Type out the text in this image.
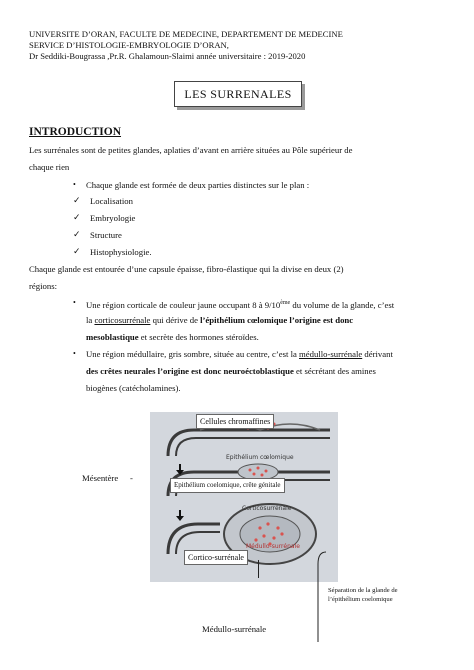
UNIVERSITE D’ORAN, FACULTE DE MEDECINE, DEPARTEMENT DE MEDECINE
SERVICE D’HISTOLOGIE-EMBRYOLOGIE D’ORAN,
Dr Seddiki-Bougrassa ,Pr.R. Ghalamoun-Slaimi année universitaire : 2019-2020
LES SURRENALES
INTRODUCTION
Les surrénales sont de petites glandes, aplaties d’avant en arrière situées au Pôle supérieur de
chaque rien
• Chaque glande est formée de deux parties distinctes sur le plan :
✓ Localisation
✓ Embryologie
✓ Structure
✓ Histophysiologie.
Chaque glande est entourée d’une capsule épaisse, fibro-élastique qui la divise en deux (2)
régions:
• Une région corticale de couleur jaune occupant 8 à 9/10ème du volume de la glande, c’est
la corticosurrénale qui dérive de l’épithélium cœlomique l’origine est donc
mesoblastique et secrète des hormones stéroïdes.
• Une région médullaire, gris sombre, située au centre, c’est la médullo-surrénale dérivant
des crêtes neurales l’origine est donc neuroéctoblastique et sécrétant des amines
biogènes (catécholamines).
Epithélium cœlomique
Corticosurrénale
Médullo-surrénale
Cellules chromaffines
Epithélium coelomique, crête génitale
Cortico-surrénale
Mésentère -
Séparation de la glande de
l’épithélium coelomique
Médullo-surrénale
